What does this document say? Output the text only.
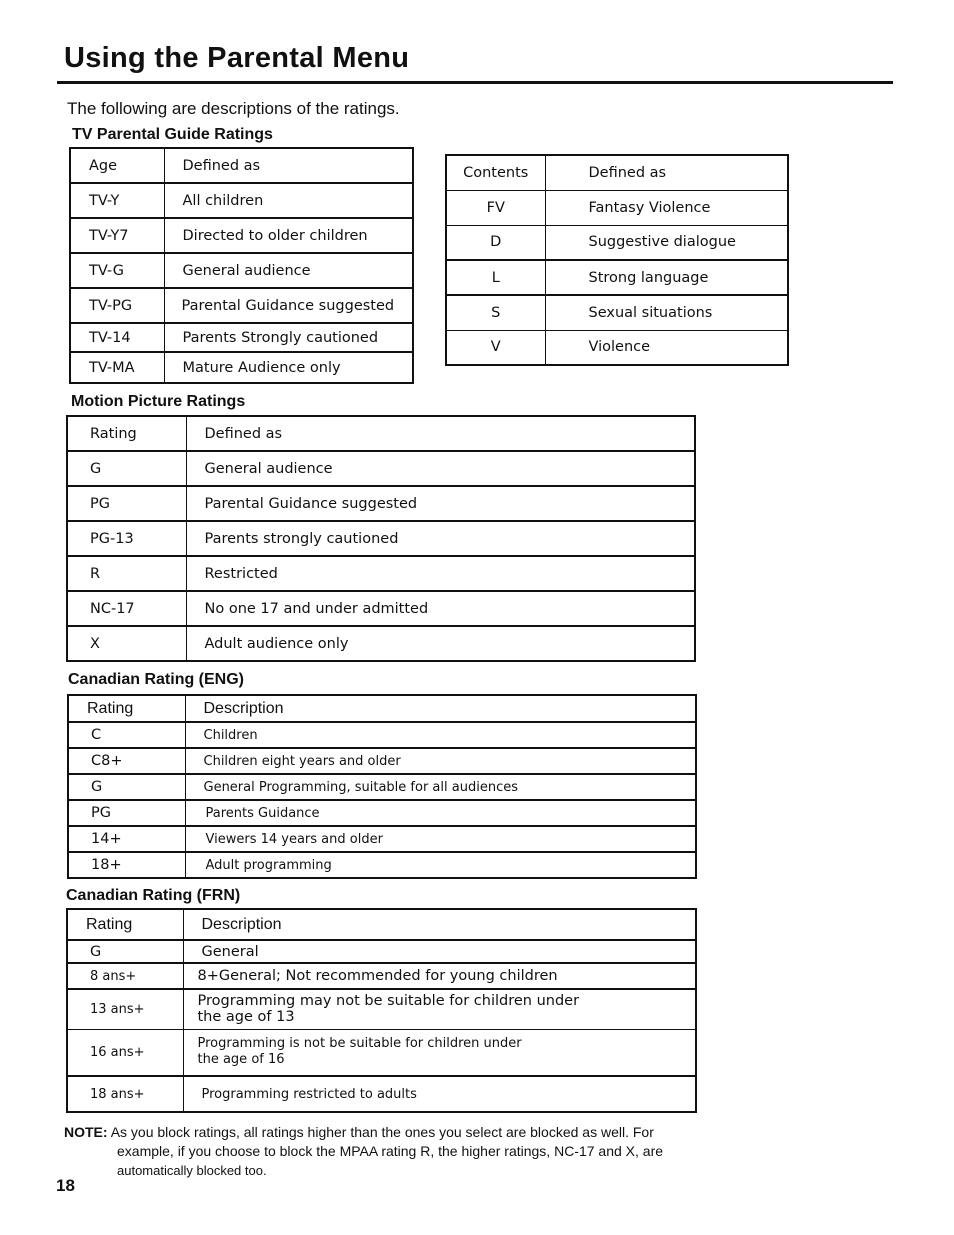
Using the Parental Menu
The following are descriptions of the ratings.
TV Parental Guide Ratings
Age	Defined as
TV-Y	All children
TV-Y7	Directed to older children
TV-G	General audience
TV-PG	Parental Guidance suggested
TV-14	Parents Strongly cautioned
TV-MA	Mature Audience only
Contents	Defined as
FV	Fantasy Violence
D	Suggestive dialogue
L	Strong language
S	Sexual situations
V	Violence
Motion Picture Ratings
Rating	Defined as
G	General audience
PG	Parental Guidance suggested
PG-13	Parents strongly cautioned
R	Restricted
NC-17	No one 17 and under admitted
X	Adult audience only
Canadian Rating (ENG)
Rating	Description
C	Children
C8+	Children eight years and older
G	General Programming, suitable for all audiences
PG	Parents Guidance
14+	Viewers 14 years and older
18+	Adult programming
Canadian Rating (FRN)
Rating	Description
G	General
8 ans+	8+General; Not recommended for young children
13 ans+	Programming may not be suitable for children under
the age of 13

16 ans+	Programming is not be suitable for children under
the age of 16

18 ans+	Programming restricted to adults
NOTE: As you block ratings, all ratings higher than the ones you select are blocked as well. For
example, if you choose to block the MPAA rating R, the higher ratings, NC-17 and X, are
automatically blocked too.
18
